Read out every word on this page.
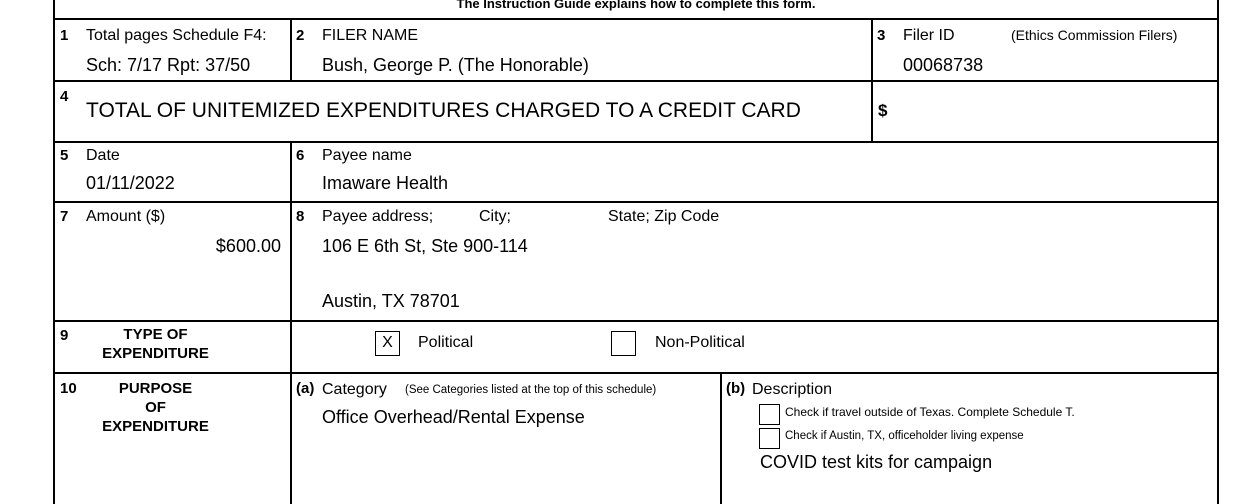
The Instruction Guide explains how to complete this form.
1 Total pages Schedule F4:
Sch: 7/17 Rpt: 37/50
2 FILER NAME
Bush, George P. (The Honorable)
3 Filer ID	(Ethics Commission Filers)
00068738
4
TOTAL OF UNITEMIZED EXPENDITURES CHARGED TO A CREDIT CARD	$
5 Date
01/11/2022
6 Payee name
Imaware Health
7 Amount ($)
$600.00
8 Payee address;	City;	State; Zip Code
106 E 6th St, Ste 900-114
Austin, TX 78701
9	TYPE OF
EXPENDITURE
X	Political	Non-Political
10	PURPOSE
OF
EXPENDITURE
(a) Category (See Categories listed at the top of this schedule)
Office Overhead/Rental Expense
(b) Description
Check if travel outside of Texas. Complete Schedule T.
Check if Austin, TX, officeholder living expense
COVID test kits for campaign
